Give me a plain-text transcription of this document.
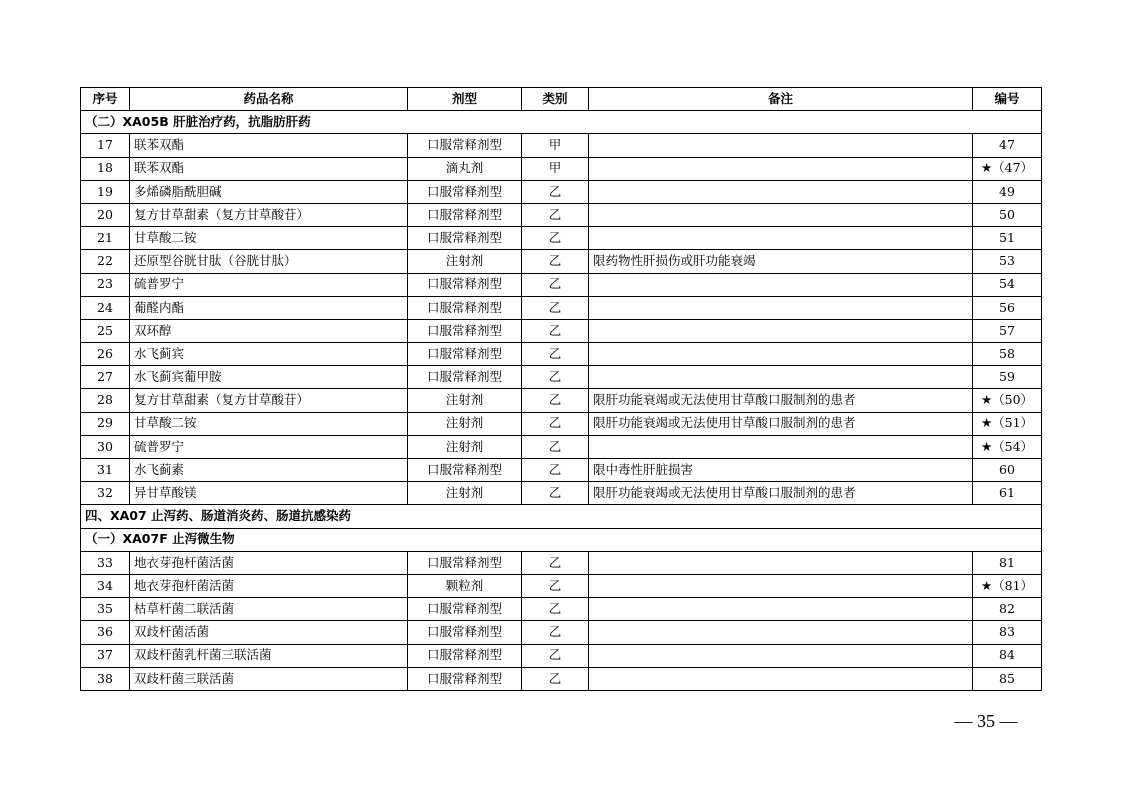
序号	药品名称	剂型	类别	备注	编号
（二）XA05B 肝脏治疗药，抗脂肪肝药					
17	联苯双酯	口服常释剂型	甲		47
18	联苯双酯	滴丸剂	甲		★（47）
19	多烯磷脂酰胆碱	口服常释剂型	乙		49
20	复方甘草甜素（复方甘草酸苷）	口服常释剂型	乙		50
21	甘草酸二铵	口服常释剂型	乙		51
22	还原型谷胱甘肽（谷胱甘肽）	注射剂	乙	限药物性肝损伤或肝功能衰竭	53
23	硫普罗宁	口服常释剂型	乙		54
24	葡醛内酯	口服常释剂型	乙		56
25	双环醇	口服常释剂型	乙		57
26	水飞蓟宾	口服常释剂型	乙		58
27	水飞蓟宾葡甲胺	口服常释剂型	乙		59
28	复方甘草甜素（复方甘草酸苷）	注射剂	乙	限肝功能衰竭或无法使用甘草酸口服制剂的患者	★（50）
29	甘草酸二铵	注射剂	乙	限肝功能衰竭或无法使用甘草酸口服制剂的患者	★（51）
30	硫普罗宁	注射剂	乙		★（54）
31	水飞蓟素	口服常释剂型	乙	限中毒性肝脏损害	60
32	异甘草酸镁	注射剂	乙	限肝功能衰竭或无法使用甘草酸口服制剂的患者	61
四、XA07 止泻药、肠道消炎药、肠道抗感染药					
（一）XA07F 止泻微生物					
33	地衣芽孢杆菌活菌	口服常释剂型	乙		81
34	地衣芽孢杆菌活菌	颗粒剂	乙		★（81）
35	枯草杆菌二联活菌	口服常释剂型	乙		82
36	双歧杆菌活菌	口服常释剂型	乙		83
37	双歧杆菌乳杆菌三联活菌	口服常释剂型	乙		84
38	双歧杆菌三联活菌	口服常释剂型	乙		85
— 35 —
